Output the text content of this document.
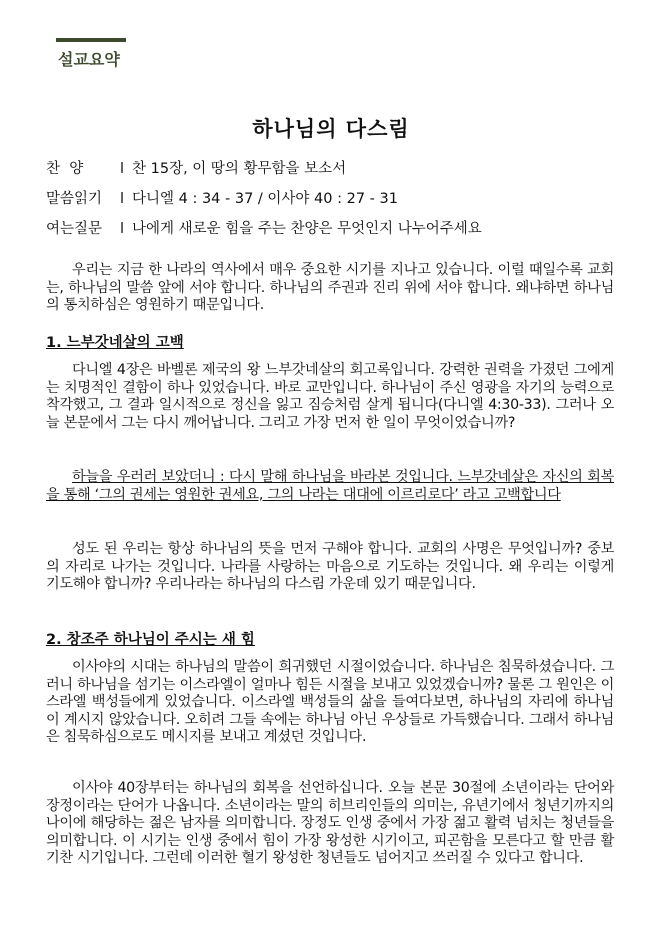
설교요약
하나님의 다스림
찬  양	l 찬 15장, 이 땅의 황무함을 보소서
말씀읽기 l 다니엘 4 : 34 - 37 / 이사야 40 : 27 - 31
여는질문 l 나에게 새로운 힘을 주는 찬양은 무엇인지 나누어주세요

우리는 지금 한 나라의 역사에서 매우 중요한 시기를 지나고 있습니다. 이럴 때일수록 교회는, 하나님의 말씀 앞에 서야 합니다. 하나님의 주권과 진리 위에 서야 합니다. 왜냐하면 하나님의 통치하심은 영원하기 때문입니다.

1. 느부갓네살의 고백

다니엘 4장은 바벨론 제국의 왕 느부갓네살의 회고록입니다. 강력한 권력을 가졌던 그에게는 치명적인 결함이 하나 있었습니다. 바로 교만입니다. 하나님이 주신 영광을 자기의 능력으로 착각했고, 그 결과 일시적으로 정신을 잃고 짐승처럼 살게 됩니다(다니엘 4:30-33). 그러나 오늘 본문에서 그는 다시 깨어납니다. 그리고 가장 먼저 한 일이 무엇이었습니까?

하늘을 우러러 보았더니 : 다시 말해 하나님을 바라본 것입니다. 느부갓네살은 자신의 회복을 통해 ‘그의 권세는 영원한 권세요, 그의 나라는 대대에 이르리로다’ 라고 고백합니다

성도 된 우리는 항상 하나님의 뜻을 먼저 구해야 합니다. 교회의 사명은 무엇입니까? 중보의 자리로 나가는 것입니다. 나라를 사랑하는 마음으로 기도하는 것입니다. 왜 우리는 이렇게 기도해야 합니까? 우리나라는 하나님의 다스림 가운데 있기 때문입니다.

2. 창조주 하나님이 주시는 새 힘

이사야의 시대는 하나님의 말씀이 희귀했던 시절이었습니다. 하나님은 침묵하셨습니다. 그러니 하나님을 섬기는 이스라엘이 얼마나 힘든 시절을 보내고 있었겠습니까? 물론 그 원인은 이스라엘 백성들에게 있었습니다. 이스라엘 백성들의 삶을 들여다보면, 하나님의 자리에 하나님이 계시지 않았습니다. 오히려 그들 속에는 하나님 아닌 우상들로 가득했습니다. 그래서 하나님은 침묵하심으로도 메시지를 보내고 계셨던 것입니다.

이사야 40장부터는 하나님의 회복을 선언하십니다. 오늘 본문 30절에 소년이라는 단어와 장정이라는 단어가 나옵니다. 소년이라는 말의 히브리인들의 의미는, 유년기에서 청년기까지의 나이에 해당하는 젊은 남자를 의미합니다. 장정도 인생 중에서 가장 젊고 활력 넘치는 청년들을 의미합니다. 이 시기는 인생 중에서 힘이 가장 왕성한 시기이고, 피곤함을 모른다고 할 만큼 활기찬 시기입니다. 그런데 이러한 혈기 왕성한 청년들도 넘어지고 쓰러질 수 있다고 합니다.
